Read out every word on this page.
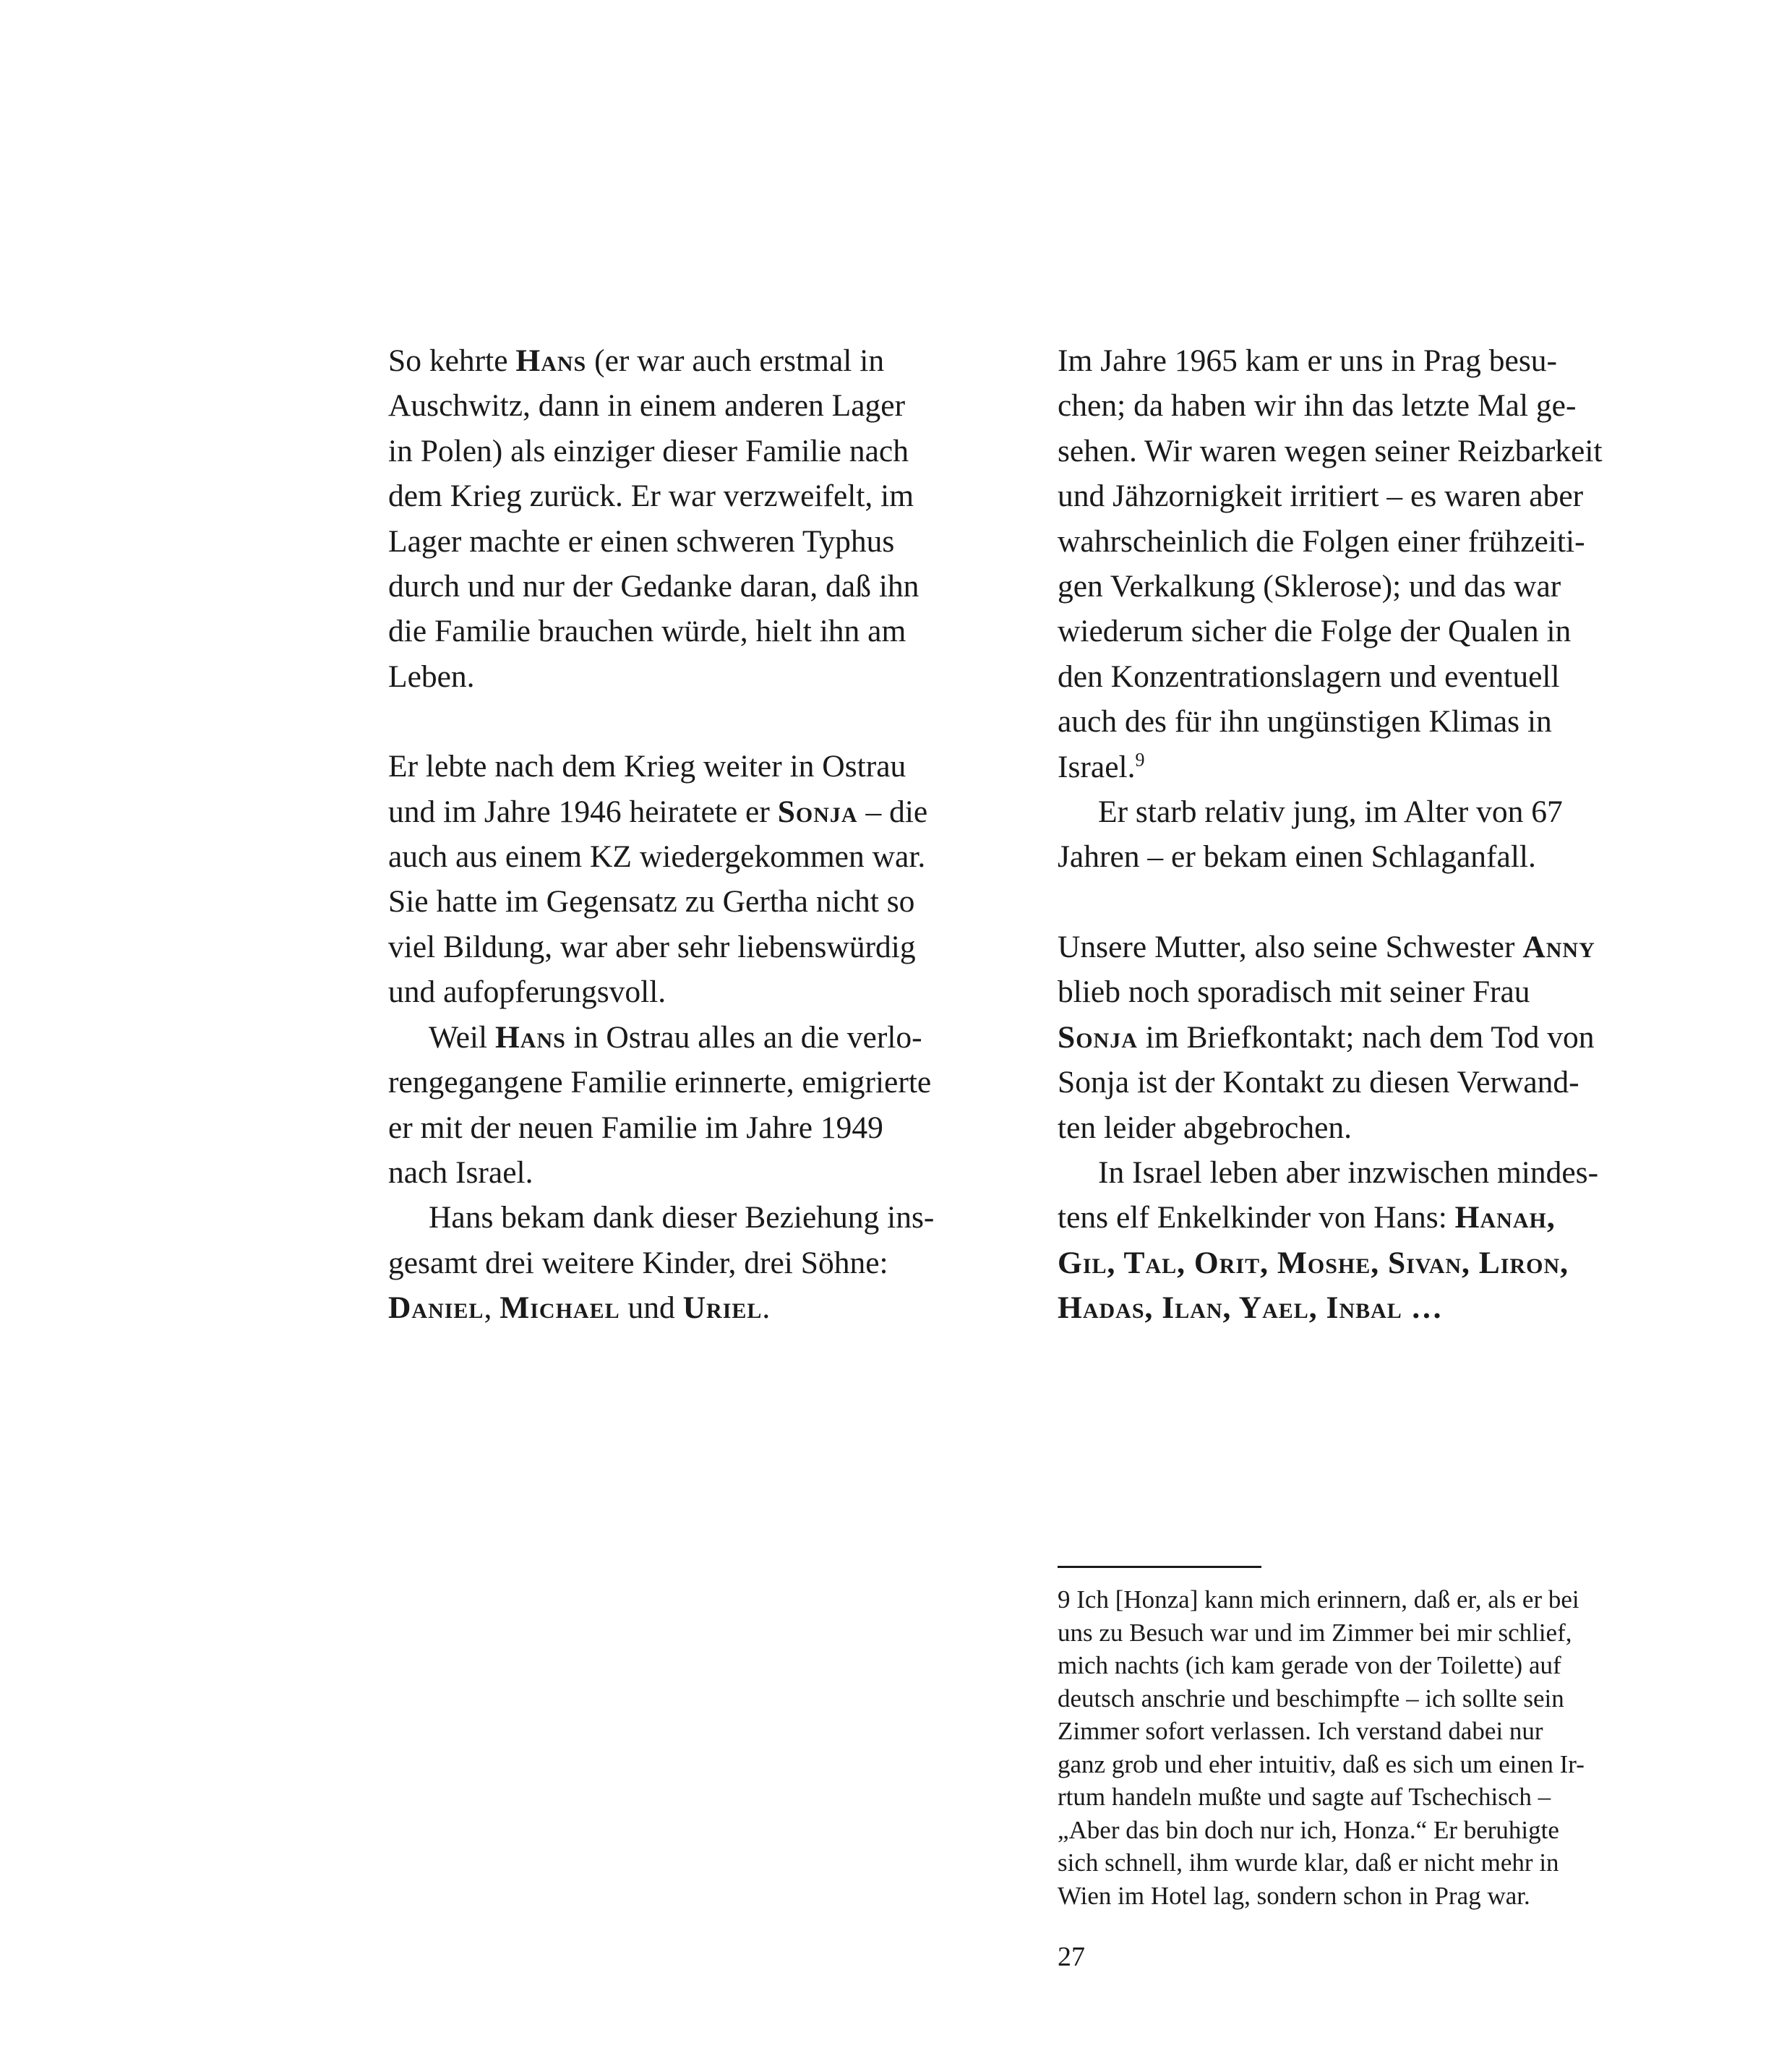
So kehrte Hans (er war auch erstmal in
Auschwitz, dann in einem anderen Lager
in Polen) als einziger dieser Familie nach
dem Krieg zurück. Er war verzweifelt, im
Lager machte er einen schweren Typhus
durch und nur der Gedanke daran, daß ihn
die Familie brauchen würde, hielt ihn am
Leben.

Er lebte nach dem Krieg weiter in Ostrau
und im Jahre 1946 heiratete er Sonja – die
auch aus einem KZ wiedergekommen war.
Sie hatte im Gegensatz zu Gertha nicht so
viel Bildung, war aber sehr liebenswürdig
und aufopferungsvoll.

Weil Hans in Ostrau alles an die verlo-
rengegangene Familie erinnerte, emigrierte
er mit der neuen Familie im Jahre 1949
nach Israel.

Hans bekam dank dieser Beziehung ins-
gesamt drei weitere Kinder, drei Söhne:
Daniel, Michael und Uriel.

Im Jahre 1965 kam er uns in Prag besu-
chen; da haben wir ihn das letzte Mal ge-
sehen. Wir waren wegen seiner Reizbarkeit
und Jähzornigkeit irritiert – es waren aber
wahrscheinlich die Folgen einer frühzeiti-
gen Verkalkung (Sklerose); und das war
wiederum sicher die Folge der Qualen in
den Konzentrationslagern und eventuell
auch des für ihn ungünstigen Klimas in
Israel.$^9$

Er starb relativ jung, im Alter von 67
Jahren – er bekam einen Schlaganfall.

Unsere Mutter, also seine Schwester Anny
blieb noch sporadisch mit seiner Frau
Sonja im Briefkontakt; nach dem Tod von
Sonja ist der Kontakt zu diesen Verwand-
ten leider abgebrochen.

In Israel leben aber inzwischen mindes-
tens elf Enkelkinder von Hans: Hanah,
Gil, Tal, Orit, Moshe, Sivan, Liron,
Hadas, Ilan, Yael, Inbal …

9 Ich [Honza] kann mich erinnern, daß er, als er bei
uns zu Besuch war und im Zimmer bei mir schlief,
mich nachts (ich kam gerade von der Toilette) auf
deutsch anschrie und beschimpfte – ich sollte sein
Zimmer sofort verlassen. Ich verstand dabei nur
ganz grob und eher intuitiv, daß es sich um einen Ir-
rtum handeln mußte und sagte auf Tschechisch –
„Aber das bin doch nur ich, Honza.“ Er beruhigte
sich schnell, ihm wurde klar, daß er nicht mehr in
Wien im Hotel lag, sondern schon in Prag war.
27
